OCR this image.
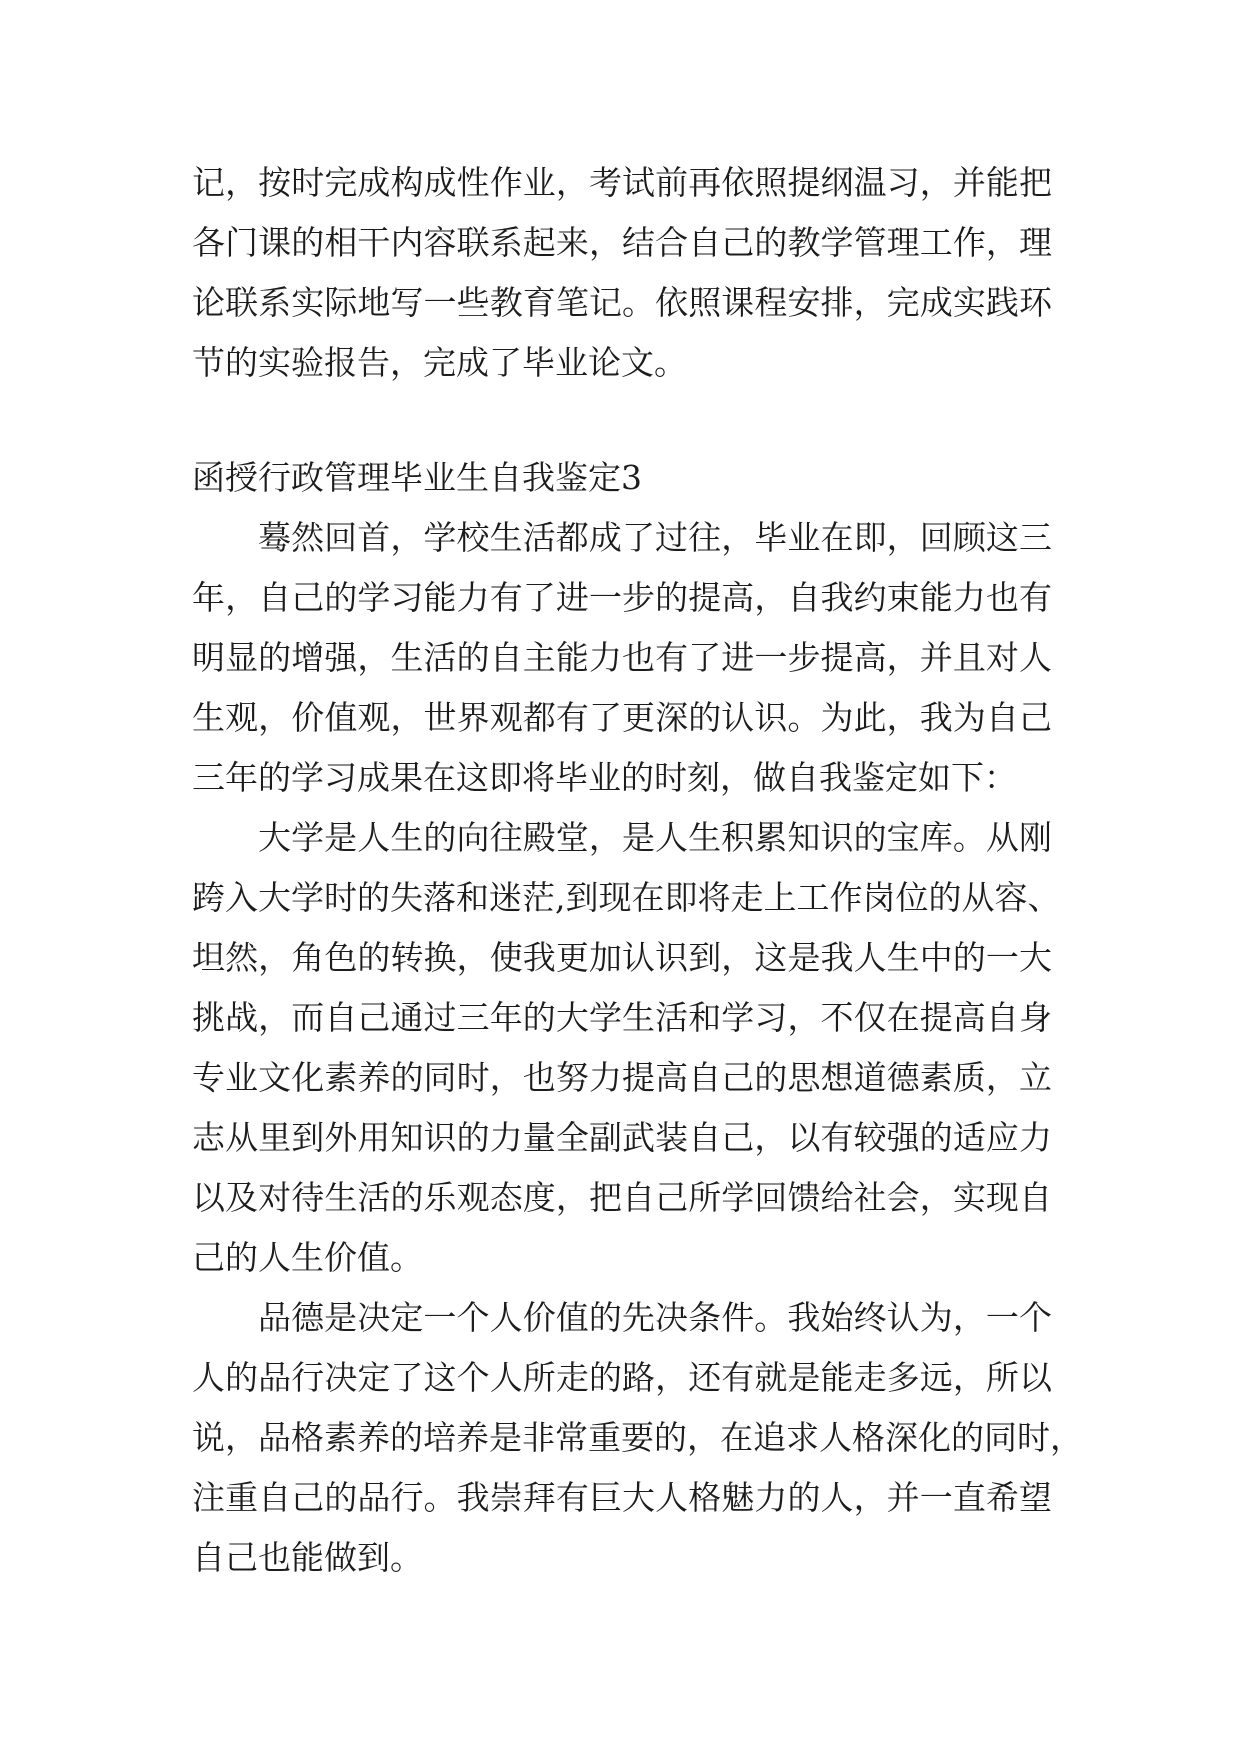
记，按时完成构成性作业，考试前再依照提纲温习，并能把

各门课的相干内容联系起来，结合自己的教学管理工作，理

论联系实际地写一些教育笔记。依照课程安排，完成实践环

节的实验报告，完成了毕业论文。

函授行政管理毕业生自我鉴定3

蓦然回首，学校生活都成了过往，毕业在即，回顾这三

年，自己的学习能力有了进一步的提高，自我约束能力也有

明显的增强，生活的自主能力也有了进一步提高，并且对人

生观，价值观，世界观都有了更深的认识。为此，我为自己

三年的学习成果在这即将毕业的时刻，做自我鉴定如下：

大学是人生的向往殿堂，是人生积累知识的宝库。从刚

跨入大学时的失落和迷茫,到现在即将走上工作岗位的从容、

坦然，角色的转换，使我更加认识到，这是我人生中的一大

挑战，而自己通过三年的大学生活和学习，不仅在提高自身

专业文化素养的同时，也努力提高自己的思想道德素质，立

志从里到外用知识的力量全副武装自己，以有较强的适应力

以及对待生活的乐观态度，把自己所学回馈给社会，实现自

己的人生价值。

品德是决定一个人价值的先决条件。我始终认为，一个

人的品行决定了这个人所走的路，还有就是能走多远，所以

说，品格素养的培养是非常重要的，在追求人格深化的同时，

注重自己的品行。我崇拜有巨大人格魅力的人，并一直希望

自己也能做到。
